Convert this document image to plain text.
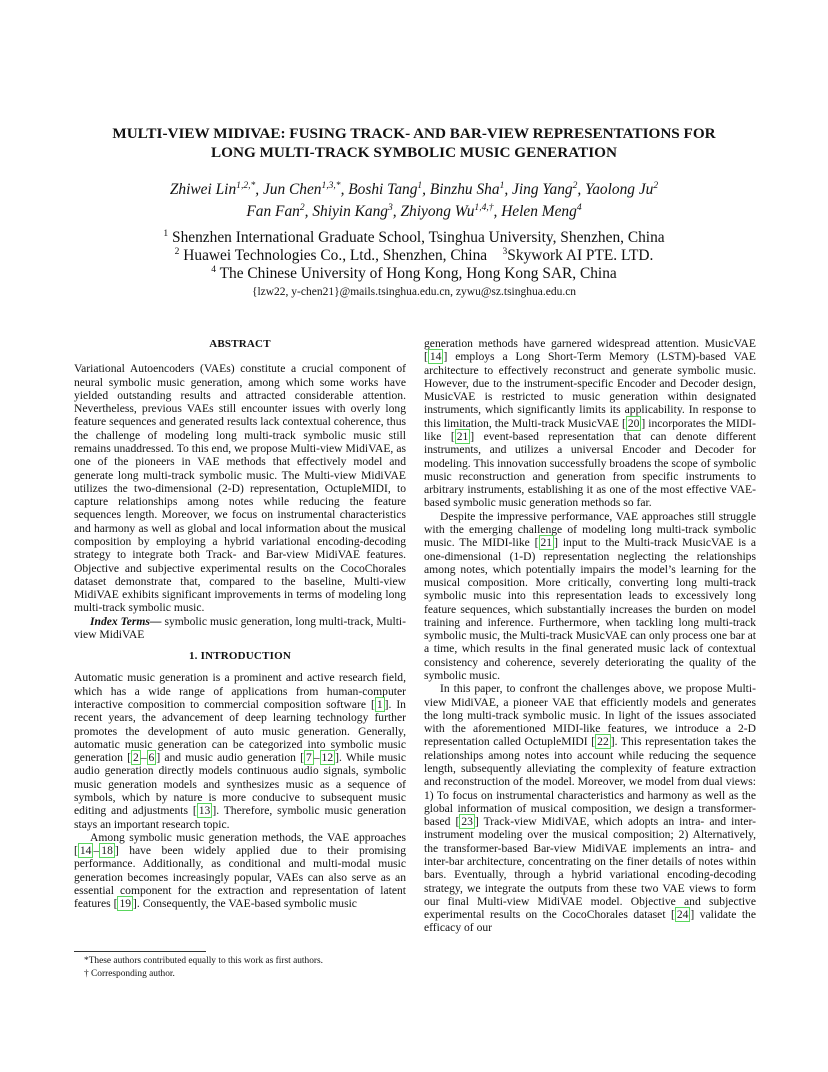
MULTI-VIEW MIDIVAE: FUSING TRACK- AND BAR-VIEW REPRESENTATIONS FOR
LONG MULTI-TRACK SYMBOLIC MUSIC GENERATION
Zhiwei Lin$^{1,2,*}$, Jun Chen$^{1,3,*}$, Boshi Tang$^1$, Binzhu Sha$^1$, Jing Yang$^2$, Yaolong Ju$^2$
Fan Fan$^2$, Shiyin Kang$^3$, Zhiyong $Wu^{1,4,\dagger}$, Helen Meng$^4$
$^1$ Shenzhen International Graduate School, Tsinghua University, Shenzhen, China
$^2$ Huawei Technologies Co., Ltd., Shenzhen, China $^3$Skywork AI PTE. LTD.
$^4$ The Chinese University of Hong Kong, Hong Kong SAR, China
{lzw22, y-chen21}@mails.tsinghua.edu.cn, zywu@sz.tsinghua.edu.cn
ABSTRACT

Variational Autoencoders (VAEs) constitute a crucial component of neural symbolic music generation, among which some works have yielded outstanding results and attracted considerable attention. Nevertheless, previous VAEs still encounter issues with overly long feature sequences and generated results lack contextual coherence, thus the challenge of modeling long multi-track symbolic music still remains unaddressed. To this end, we propose Multi-view MidiVAE, as one of the pioneers in VAE methods that effectively model and generate long multi-track symbolic music. The Multi-view MidiVAE utilizes the two-dimensional (2-D) representation, OctupleMIDI, to capture relationships among notes while reducing the feature sequences length. Moreover, we focus on instrumental characteristics and harmony as well as global and local information about the musical composition by employing a hybrid variational encoding-decoding strategy to integrate both Track- and Bar-view MidiVAE features. Objective and subjective experimental results on the CocoChorales dataset demonstrate that, compared to the baseline, Multi-view MidiVAE exhibits significant improvements in terms of modeling long multi-track symbolic music.

Index Terms— symbolic music generation, long multi-track, Multi-view MidiVAE

1. INTRODUCTION

Automatic music generation is a prominent and active research field, which has a wide range of applications from human-computer interactive composition to commercial composition software [ 1 ]. In recent years, the advancement of deep learning technology further promotes the development of auto music generation. Generally, automatic music generation can be categorized into symbolic music generation [ 2 – 6 ] and music audio generation [ 7 – 12 ]. While music audio generation directly models continuous audio signals, symbolic music generation models and synthesizes music as a sequence of symbols, which by nature is more conducive to subsequent music editing and adjustments [ 13 ]. Therefore, symbolic music generation stays an important research topic.

Among symbolic music generation methods, the VAE approaches [ 14 – 18 ] have been widely applied due to their promising performance. Additionally, as conditional and multi-modal music generation becomes increasingly popular, VAEs can also serve as an essential component for the extraction and representation of latent features [ 19 ]. Consequently, the VAE-based symbolic music

generation methods have garnered widespread attention. MusicVAE [ 14 ] employs a Long Short-Term Memory (LSTM)-based VAE architecture to effectively reconstruct and generate symbolic music. However, due to the instrument-specific Encoder and Decoder design, MusicVAE is restricted to music generation within designated instruments, which significantly limits its applicability. In response to this limitation, the Multi-track MusicVAE [ 20 ] incorporates the MIDI-like [ 21 ] event-based representation that can denote different instruments, and utilizes a universal Encoder and Decoder for modeling. This innovation successfully broadens the scope of symbolic music reconstruction and generation from specific instruments to arbitrary instruments, establishing it as one of the most effective VAE-based symbolic music generation methods so far.

Despite the impressive performance, VAE approaches still struggle with the emerging challenge of modeling long multi-track symbolic music. The MIDI-like [ 21 ] input to the Multi-track MusicVAE is a one-dimensional (1-D) representation neglecting the relationships among notes, which potentially impairs the model’s learning for the musical composition. More critically, converting long multi-track symbolic music into this representation leads to excessively long feature sequences, which substantially increases the burden on model training and inference. Furthermore, when tackling long multi-track symbolic music, the Multi-track MusicVAE can only process one bar at a time, which results in the final generated music lack of contextual consistency and coherence, severely deteriorating the quality of the symbolic music.

In this paper, to confront the challenges above, we propose Multi-view MidiVAE, a pioneer VAE that efficiently models and generates the long multi-track symbolic music. In light of the issues associated with the aforementioned MIDI-like features, we introduce a 2-D representation called OctupleMIDI [ 22 ]. This representation takes the relationships among notes into account while reducing the sequence length, subsequently alleviating the complexity of feature extraction and reconstruction of the model. Moreover, we model from dual views: 1) To focus on instrumental characteristics and harmony as well as the global information of musical composition, we design a transformer-based [ 23 ] Track-view MidiVAE, which adopts an intra- and inter-instrument modeling over the musical composition; 2) Alternatively, the transformer-based Bar-view MidiVAE implements an intra- and inter-bar architecture, concentrating on the finer details of notes within bars. Eventually, through a hybrid variational encoding-decoding strategy, we integrate the outputs from these two VAE views to form our final Multi-view MidiVAE model. Objective and subjective experimental results on the CocoChorales dataset [ 24 ] validate the efficacy of our

*These authors contributed equally to this work as first authors.
† Corresponding author.
